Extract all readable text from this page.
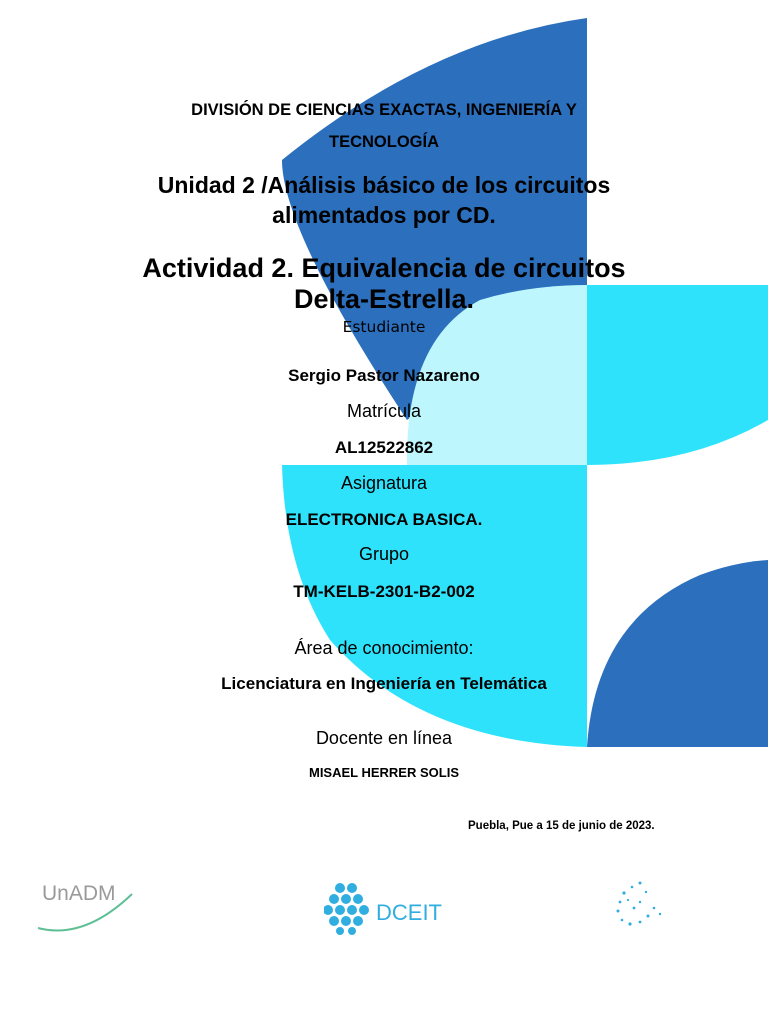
DIVISIÓN DE CIENCIAS EXACTAS, INGENIERÍA Y TECNOLOGÍA

Unidad 2 /Análisis básico de los circuitos alimentados por CD.

Actividad 2. Equivalencia de circuitos Delta-Estrella.

Estudiante

Sergio Pastor Nazareno

Matrícula

AL12522862

Asignatura

ELECTRONICA BASICA.

Grupo

TM-KELB-2301-B2-002

Área de conocimiento:

Licenciatura en Ingeniería en Telemática

Docente en línea

MISAEL HERRER SOLIS

Puebla, Pue a 15 de junio de 2023.

UnADM
DCEIT
